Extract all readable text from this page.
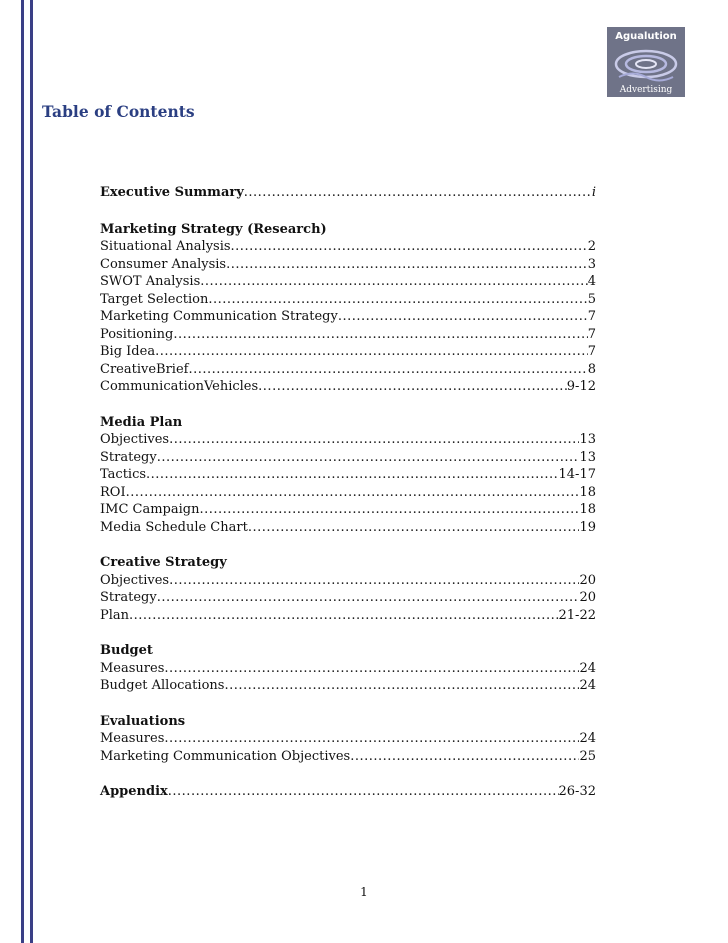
Agualution
Advertising
Table of Contents
Executive Summary .....	i
Marketing Strategy (Research)
Situational Analysis .....	2
Consumer Analysis .....	3
SWOT Analysis .....	4
Target Selection .....	5
Marketing Communication Strategy .....	7
Positioning .....	7
Big Idea .....	7
CreativeBrief .....	8
CommunicationVehicles .....	9-12
Media Plan
Objectives .....	13
Strategy .....	13
Tactics .....	14-17
ROI .....	18
IMC Campaign .....	18
Media Schedule Chart .....	19
Creative Strategy
Objectives .....	20
Strategy .....	20
Plan .....	21-22
Budget
Measures .....	24
Budget Allocations .....	24
Evaluations
Measures .....	24
Marketing Communication Objectives .....	25
Appendix .....	26-32
1
